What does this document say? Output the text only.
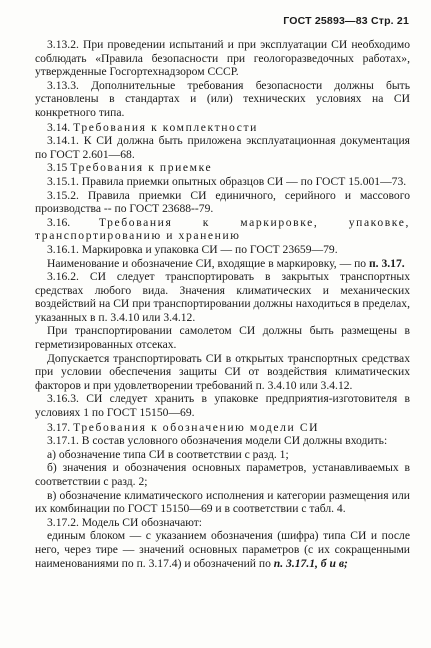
ГОСТ 25893—83 Стр. 21

3.13.2. При проведении испытаний и при эксплуатации СИ необходимо соблюдать «Правила безопасности при геологоразведочных работах», утвержденные Госгортехнадзором СССР.

3.13.3. Дополнительные требования безопасности должны быть установлены в стандартах и (или) технических условиях на СИ конкретного типа.

3.14. Требования к комплектности

3.14.1. К СИ должна быть приложена эксплуатационная документация по ГОСТ 2.601—68.

3.15 Требования к приемке

3.15.1. Правила приемки опытных образцов СИ — по ГОСТ 15.001—73.

3.15.2. Правила приемки СИ единичного, серийного и массового производства -- по ГОСТ 23688--79.

3.16. Требования к маркировке, упаковке, транспортированию и хранению

3.16.1. Маркировка и упаковка СИ — по ГОСТ 23659—79.

Наименование и обозначение СИ, входящие в маркировку, — по п. 3.17.

3.16.2. СИ следует транспортировать в закрытых транспортных средствах любого вида. Значения климатических и механических воздействий на СИ при транспортировании должны находиться в пределах, указанных в п. 3.4.10 или 3.4.12.

При транспортировании самолетом СИ должны быть размещены в герметизированных отсеках.

Допускается транспортировать СИ в открытых транспортных средствах при условии обеспечения защиты СИ от воздействия климатических факторов и при удовлетворении требований п. 3.4.10 или 3.4.12.

3.16.3. СИ следует хранить в упаковке предприятия-изготовителя в условиях 1 по ГОСТ 15150—69.

3.17. Требования к обозначению модели СИ

3.17.1. В состав условного обозначения модели СИ должны входить:

а) обозначение типа СИ в соответствии с разд. 1;

б) значения и обозначения основных параметров, устанавливаемых в соответствии с разд. 2;

в) обозначение климатического исполнения и категории размещения или их комбинации по ГОСТ 15150—69 и в соответствии с табл. 4.

3.17.2. Модель СИ обозначают:

единым блоком — с указанием обозначения (шифра) типа СИ и после него, через тире — значений основных параметров (с их сокращенными наименованиями по п. 3.17.4) и обозначений по п. 3.17.1, б и в;
